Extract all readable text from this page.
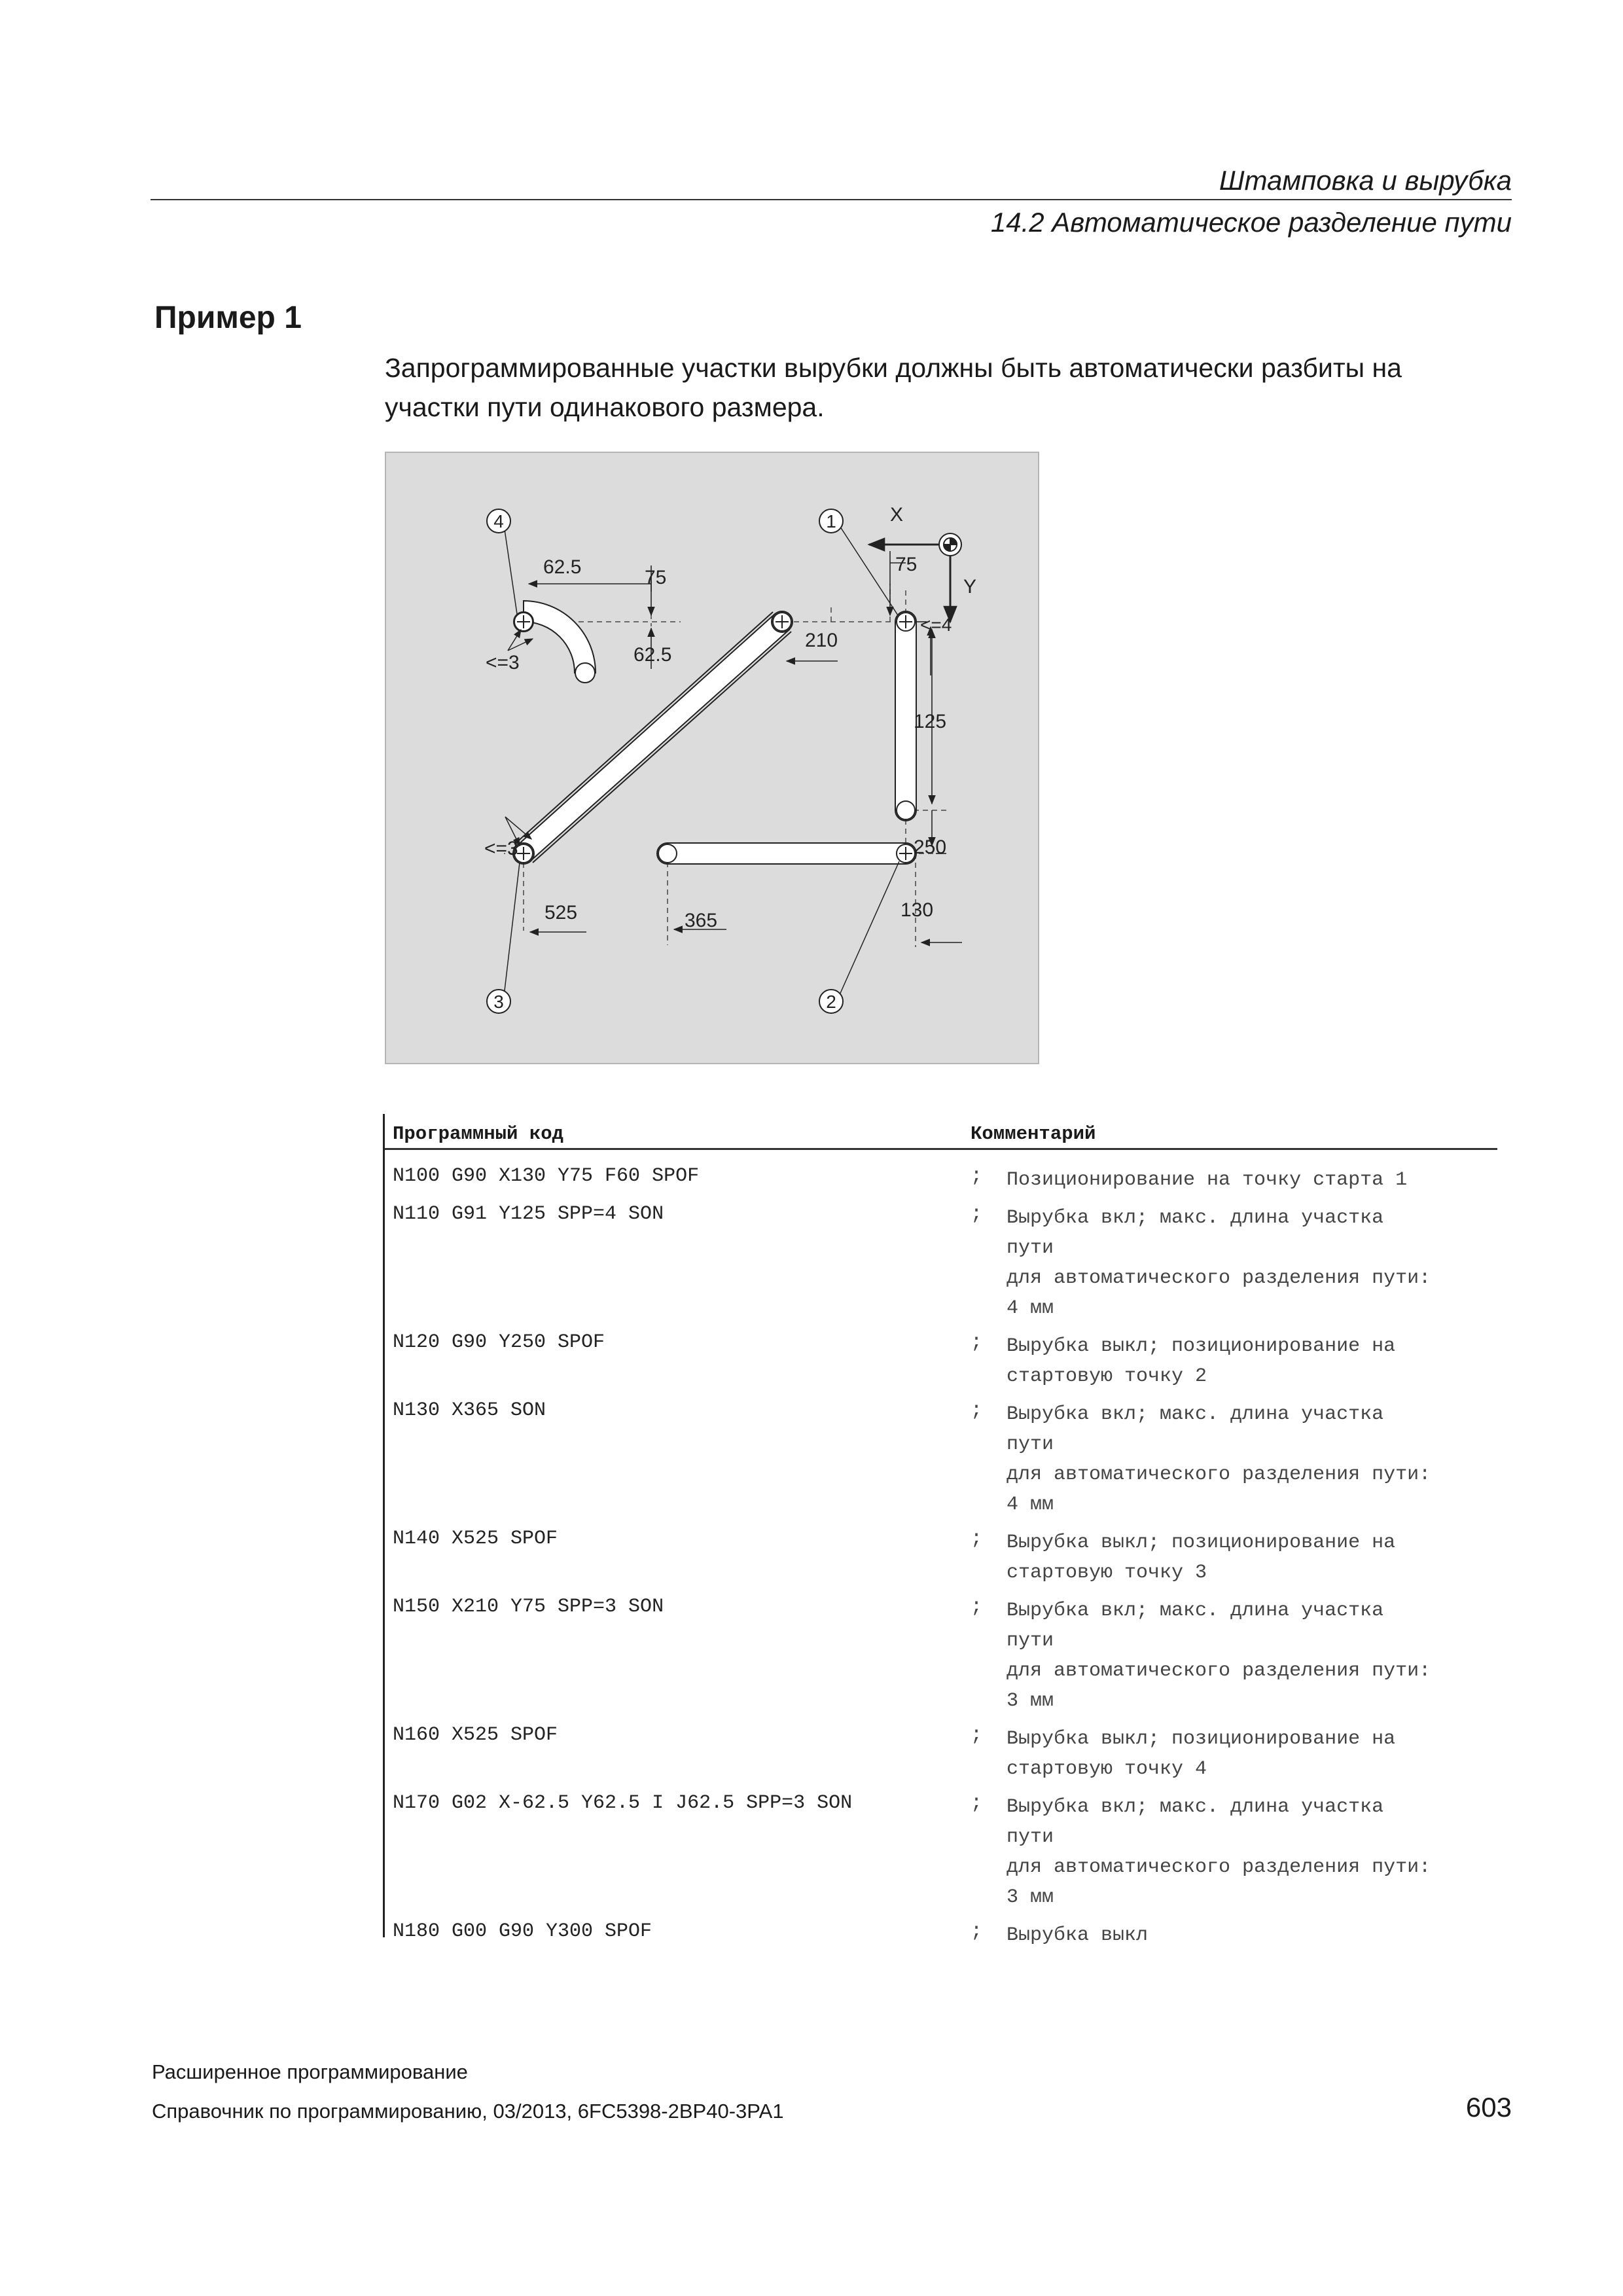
Штамповка и вырубка
14.2 Автоматическое разделение пути
Пример 1
Запрограммированные участки вырубки должны быть автоматически разбиты на
участки пути одинакового размера.
4	1
3	2
X
Y
62.5	75
62.5
<=3
210
75
<=4
125
<=3	250
525	365	130
Программный код	Комментарий
N100 G90 X130 Y75 F60 SPOF	; Позиционирование на точку старта 1
N110 G91 Y125 SPP=4 SON	; Вырубка вкл; макс. длина участка
пути
для автоматического разделения пути:
4 мм
N120 G90 Y250 SPOF	; Вырубка выкл; позиционирование на
стартовую точку 2
N130 X365 SON	; Вырубка вкл; макс. длина участка
пути
для автоматического разделения пути:
4 мм
N140 X525 SPOF	; Вырубка выкл; позиционирование на
стартовую точку 3
N150 X210 Y75 SPP=3 SON	; Вырубка вкл; макс. длина участка
пути
для автоматического разделения пути:
3 мм
N160 X525 SPOF	; Вырубка выкл; позиционирование на
стартовую точку 4
N170 G02 X-62.5 Y62.5 I J62.5 SPP=3 SON	; Вырубка вкл; макс. длина участка
пути
для автоматического разделения пути:
3 мм
N180 G00 G90 Y300 SPOF	; Вырубка выкл
Расширенное программирование
Справочник по программированию, 03/2013, 6FC5398-2BP40-3PA1	603
